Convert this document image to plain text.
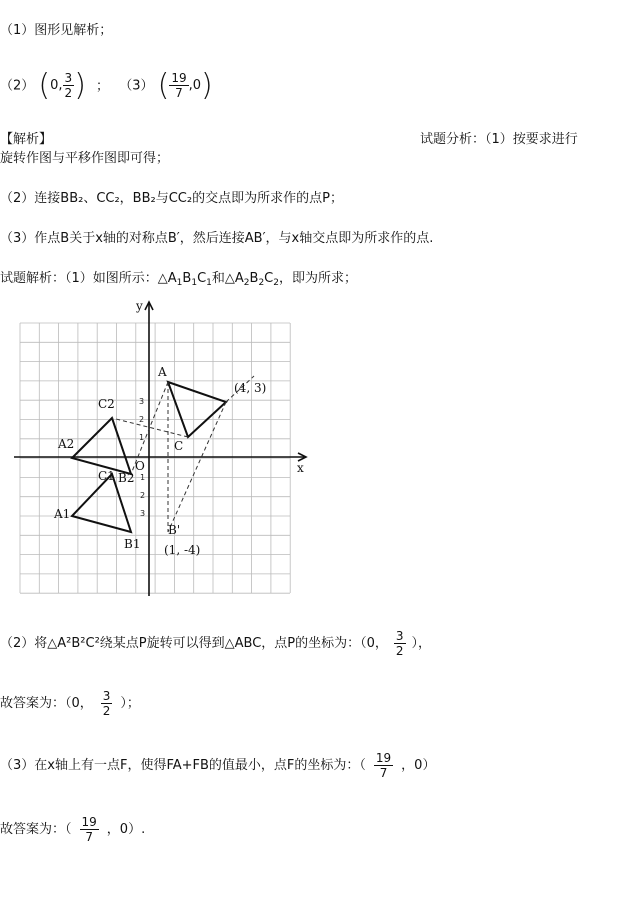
（1）图形见解析；
（2） (0, $\frac{3}{2}$ ) ； （3） ( $\frac{19}{7} ,0$)
【解析】	试题分析：（1）按要求进行
旋转作图与平移作图即可得；
（2）连接BB₂、CC₂，BB₂与CC₂的交点即为所求作的点P；
（3）作点B关于x轴的对称点B′，然后连接AB′，与x轴交点即为所求作的点.
试题解析：（1）如图所示：$\triangle A_1B_1C_1$和$\triangle A_2B_2C_2$，即为所求；
y
x
O
A2
B2
C2
A1
B1
C1
A
C
B'
(4, 3)
(1, -4)
3
2
1
1
2
3
（2）将△A²B²C²绕某点P旋转可以得到△ABC，点P的坐标为：（0， $\frac{3}{2}$ ），
故答案为：（0， $\frac{3}{2}$ ）；
（3）在x轴上有一点F，使得FA+FB的值最小，点F的坐标为：（ $\frac{19}{7}$ ，0）
故答案为：（ $\frac{19}{7}$ ，0）.
